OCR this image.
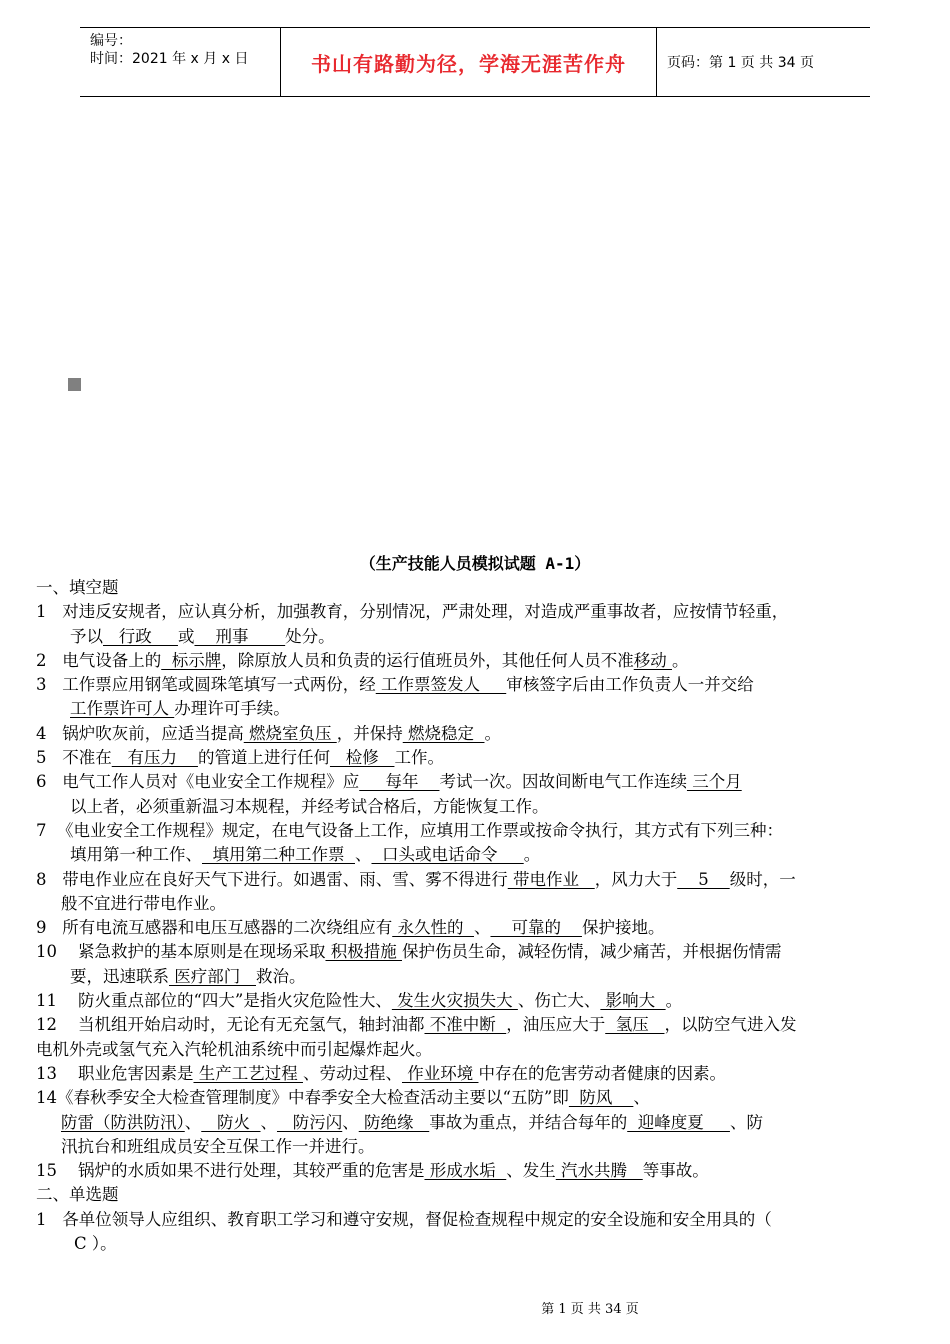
编号：
时间：2021 年 x 月 x 日	书山有路勤为径，学海无涯苦作舟	页码：第 1 页 共 34 页
（生产技能人员模拟试题 A-1）
一、填空题
1   对违反安规者，应认真分析，加强教育，分别情况，严肃处理，对造成严重事故者，应按情节轻重，
予以   行政     或    刑事       处分。
2   电气设备上的  标示牌，除原放人员和负责的运行值班员外，其他任何人员不准移动 。
3   工作票应用钢笔或圆珠笔填写一式两份，经 工作票签发人     审核签字后由工作负责人一并交给
工作票许可人 办理许可手续。
4   锅炉吹灰前，应适当提高 燃烧室负压 ，并保持 燃烧稳定  。
5   不准在   有压力    的管道上进行任何   检修   工作。
6   电气工作人员对《电业安全工作规程》应     每年    考试一次。因故间断电气工作连续 三个月
以上者，必须重新温习本规程，并经考试合格后，方能恢复工作。
7  《电业安全工作规程》规定，在电气设备上工作，应填用工作票或按命令执行，其方式有下列三种：
填用第一种工作、  填用第二种工作票  、  口头或电话命令     。
8   带电作业应在良好天气下进行。如遇雷、雨、雪、雾不得进行 带电作业   ，风力大于    5    级时，一
般不宜进行带电作业。
9   所有电流互感器和电压互感器的二次绕组应有 永久性的  、    可靠的    保护接地。
10    紧急救护的基本原则是在现场采取 积极措施 保护伤员生命，减轻伤情，减少痛苦，并根据伤情需
要，迅速联系 医疗部门   救治。
11    防火重点部位的“四大”是指火灾危险性大、 发生火灾损失大 、伤亡大、 影响大  。
12    当机组开始启动时，无论有无充氢气，轴封油都 不准中断  ，油压应大于  氢压   ，以防空气进入发
电机外壳或氢气充入汽轮机油系统中而引起爆炸起火。
13    职业危害因素是 生产工艺过程 、劳动过程、 作业环境 中存在的危害劳动者健康的因素。
14《春秋季安全大检查管理制度》中春季安全大检查活动主要以“五防”即  防风    、
防雷（防洪防汛）、   防火  、   防污闪、 防绝缘   事故为重点，并结合每年的  迎峰度夏     、防
汛抗台和班组成员安全互保工作一并进行。
15    锅炉的水质如果不进行处理，其较严重的危害是 形成水垢  、发生 汽水共腾   等事故。
二、单选题
1   各单位领导人应组织、教育职工学习和遵守安规，督促检查规程中规定的安全设施和安全用具的（
C ）。
第 1 页 共 34 页
